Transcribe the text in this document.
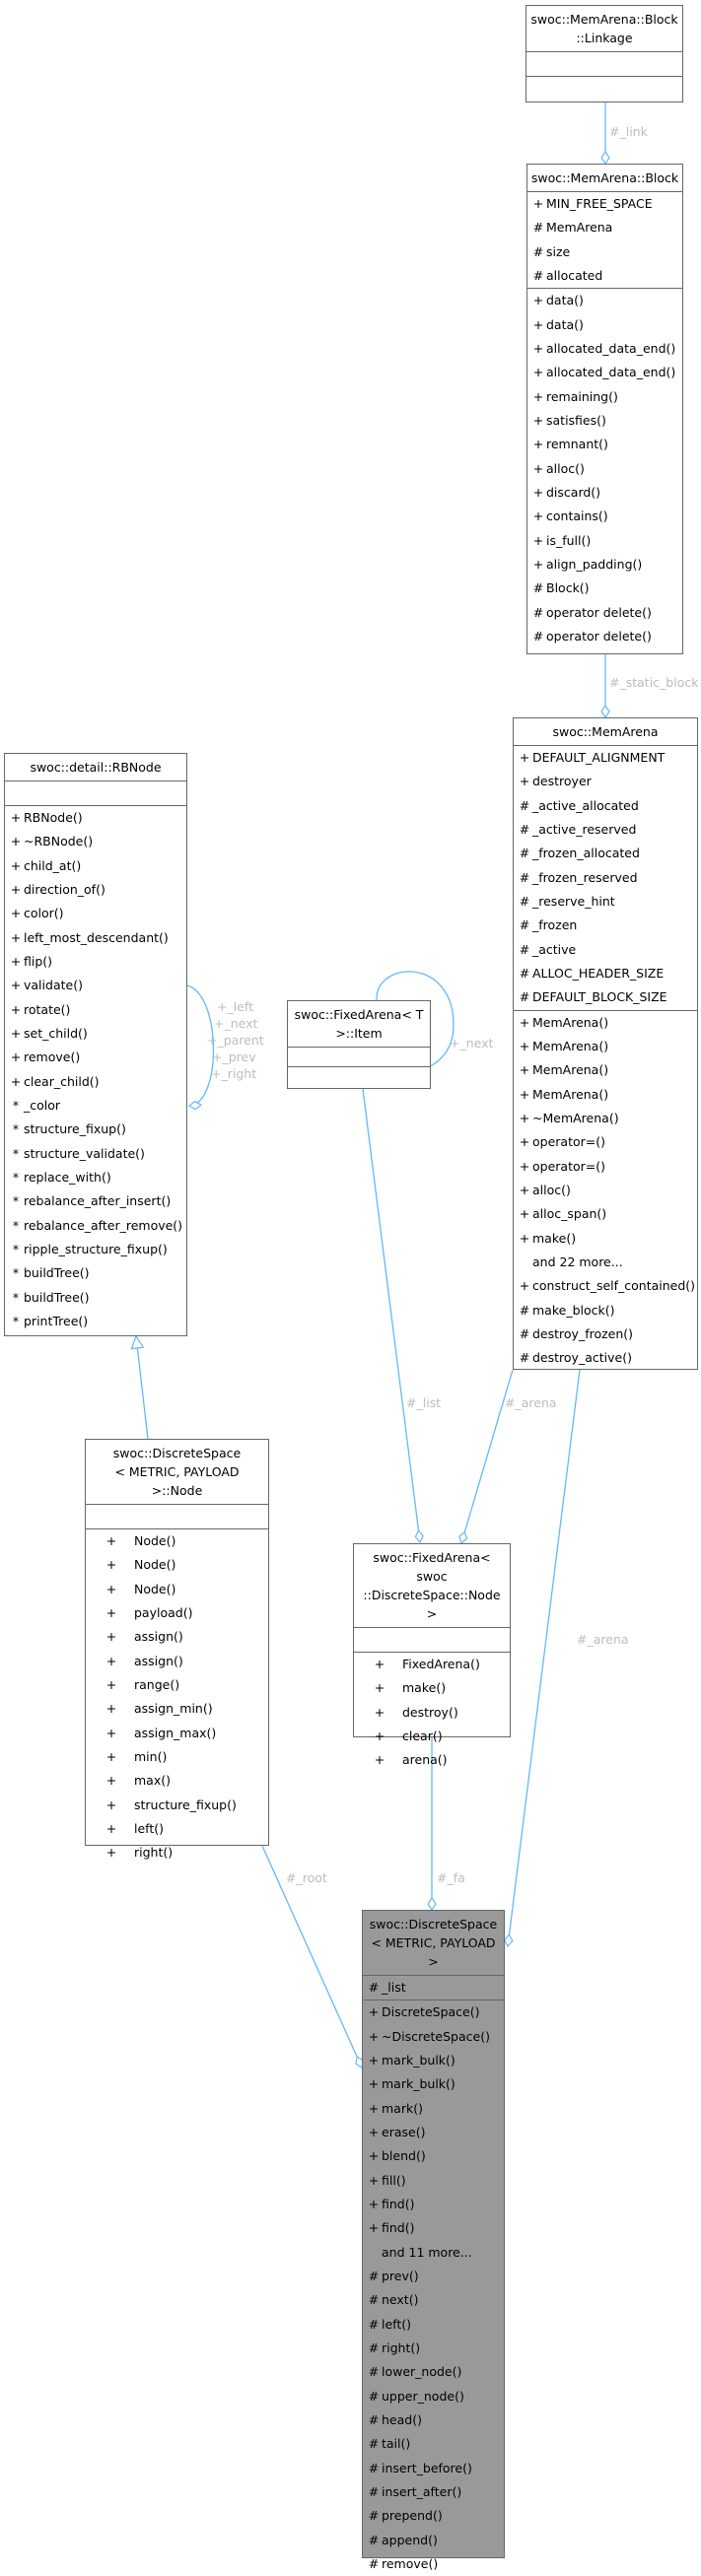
#_link
#_static_block
+_left
+_next
+_parent
+_prev
+_right
+_next
#_list	#_arena
#_arena
#_root	#_fa
swoc::MemArena::Block
::Linkage
swoc::MemArena::Block
+ MIN_FREE_SPACE
# MemArena
# size
# allocated
+ data()
+ data()
+ allocated_data_end()
+ allocated_data_end()
+ remaining()
+ satisfies()
+ remnant()
+ alloc()
+ discard()
+ contains()
+ is_full()
+ align_padding()
# Block()
# operator delete()
# operator delete()
swoc::MemArena
+ DEFAULT_ALIGNMENT
+ destroyer
# _active_allocated
# _active_reserved
# _frozen_allocated
# _frozen_reserved
# _reserve_hint
# _frozen
# _active
# ALLOC_HEADER_SIZE
# DEFAULT_BLOCK_SIZE
+ MemArena()
+ MemArena()
+ MemArena()
+ MemArena()
+ ~MemArena()
+ operator=()
+ operator=()
+ alloc()
+ alloc_span()
+ make()
and 22 more...
+ construct_self_contained()
# make_block()
# destroy_frozen()
# destroy_active()
swoc::detail::RBNode
+ RBNode()
+ ~RBNode()
+ child_at()
+ direction_of()
+ color()
+ left_most_descendant()
+ flip()
+ validate()
+ rotate()
+ set_child()
+ remove()
+ clear_child()
* _color
* structure_fixup()
* structure_validate()
* replace_with()
* rebalance_after_insert()
* rebalance_after_remove()
* ripple_structure_fixup()
* buildTree()
* buildTree()
* printTree()
swoc::FixedArena< T
>::Item
swoc::DiscreteSpace
< METRIC, PAYLOAD >::Node
+ Node()
+ Node()
+ Node()
+ payload()
+ assign()
+ assign()
+ range()
+ assign_min()
+ assign_max()
+ min()
+ max()
+ structure_fixup()
+ left()
+ right()
swoc::FixedArena< swoc
::DiscreteSpace::Node >
+ FixedArena()
+ make()
+ destroy()
+ clear()
+ arena()
swoc::DiscreteSpace
< METRIC, PAYLOAD >
# _list
+ DiscreteSpace()
+ ~DiscreteSpace()
+ mark_bulk()
+ mark_bulk()
+ mark()
+ erase()
+ blend()
+ fill()
+ find()
+ find()
and 11 more...
# prev()
# next()
# left()
# right()
# lower_node()
# upper_node()
# head()
# tail()
# insert_before()
# insert_after()
# prepend()
# append()
# remove()
